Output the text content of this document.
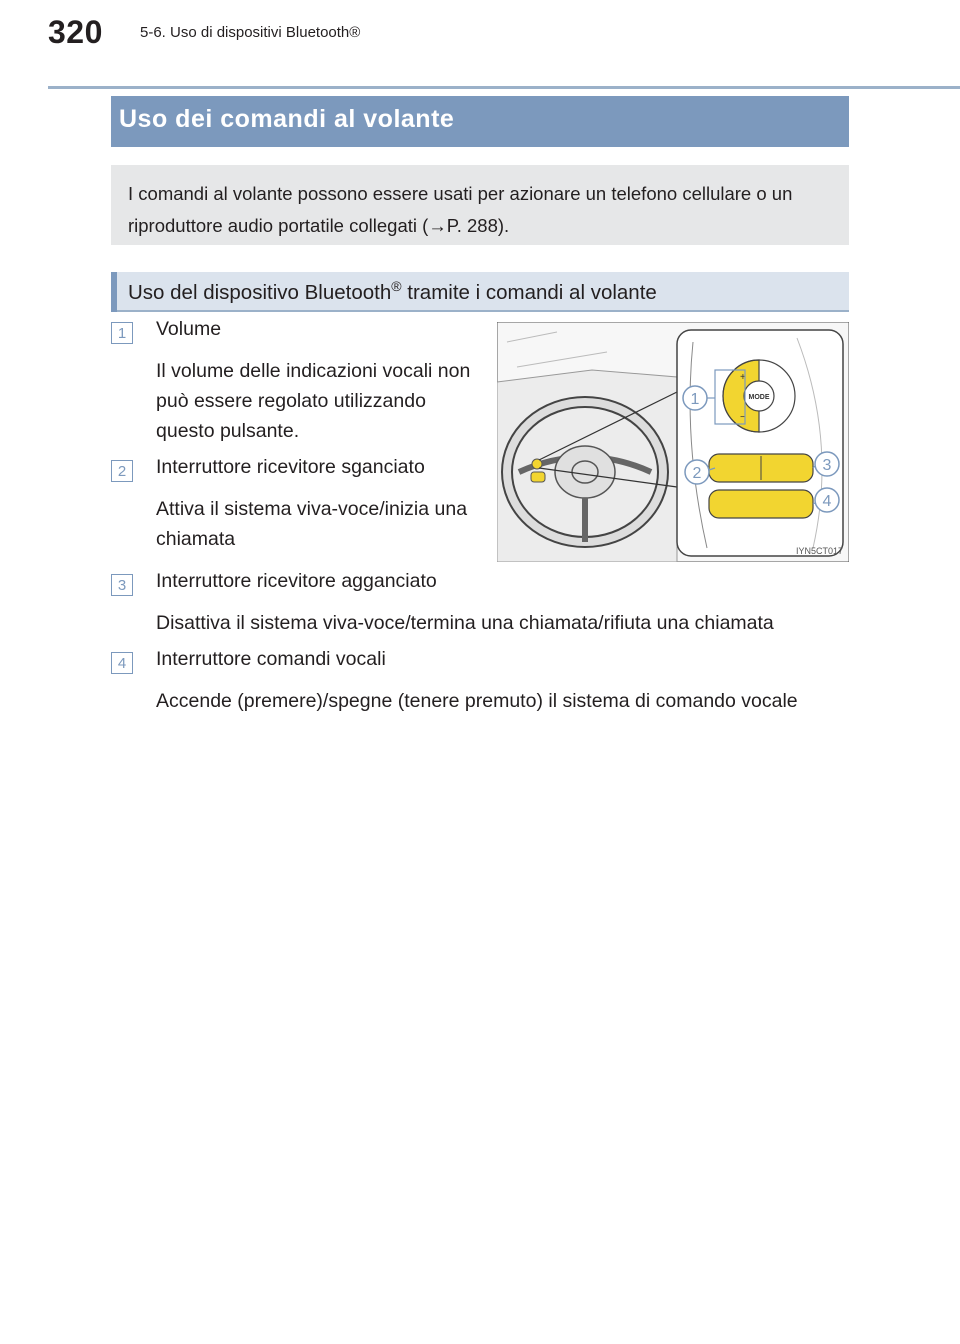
320 5-6. Uso di dispositivi Bluetooth®
Uso dei comandi al volante
I comandi al volante possono essere usati per azionare un telefono cellulare o un riproduttore audio portatile collegati (→P. 288).
Uso del dispositivo Bluetooth® tramite i comandi al volante
1	Volume
Il volume delle indicazioni vocali non può essere regolato utilizzando questo pulsante.
2	Interruttore ricevitore sganciato
Attiva il sistema viva-voce/inizia una chiamata
3	Interruttore ricevitore agganciato
Disattiva il sistema viva-voce/termina una chiamata/rifiuta una chiamata
4	Interruttore comandi vocali
Accende (premere)/spegne (tenere premuto) il sistema di comando vocale
MODE
+
−
1
2	3
4
IYN5CT017
